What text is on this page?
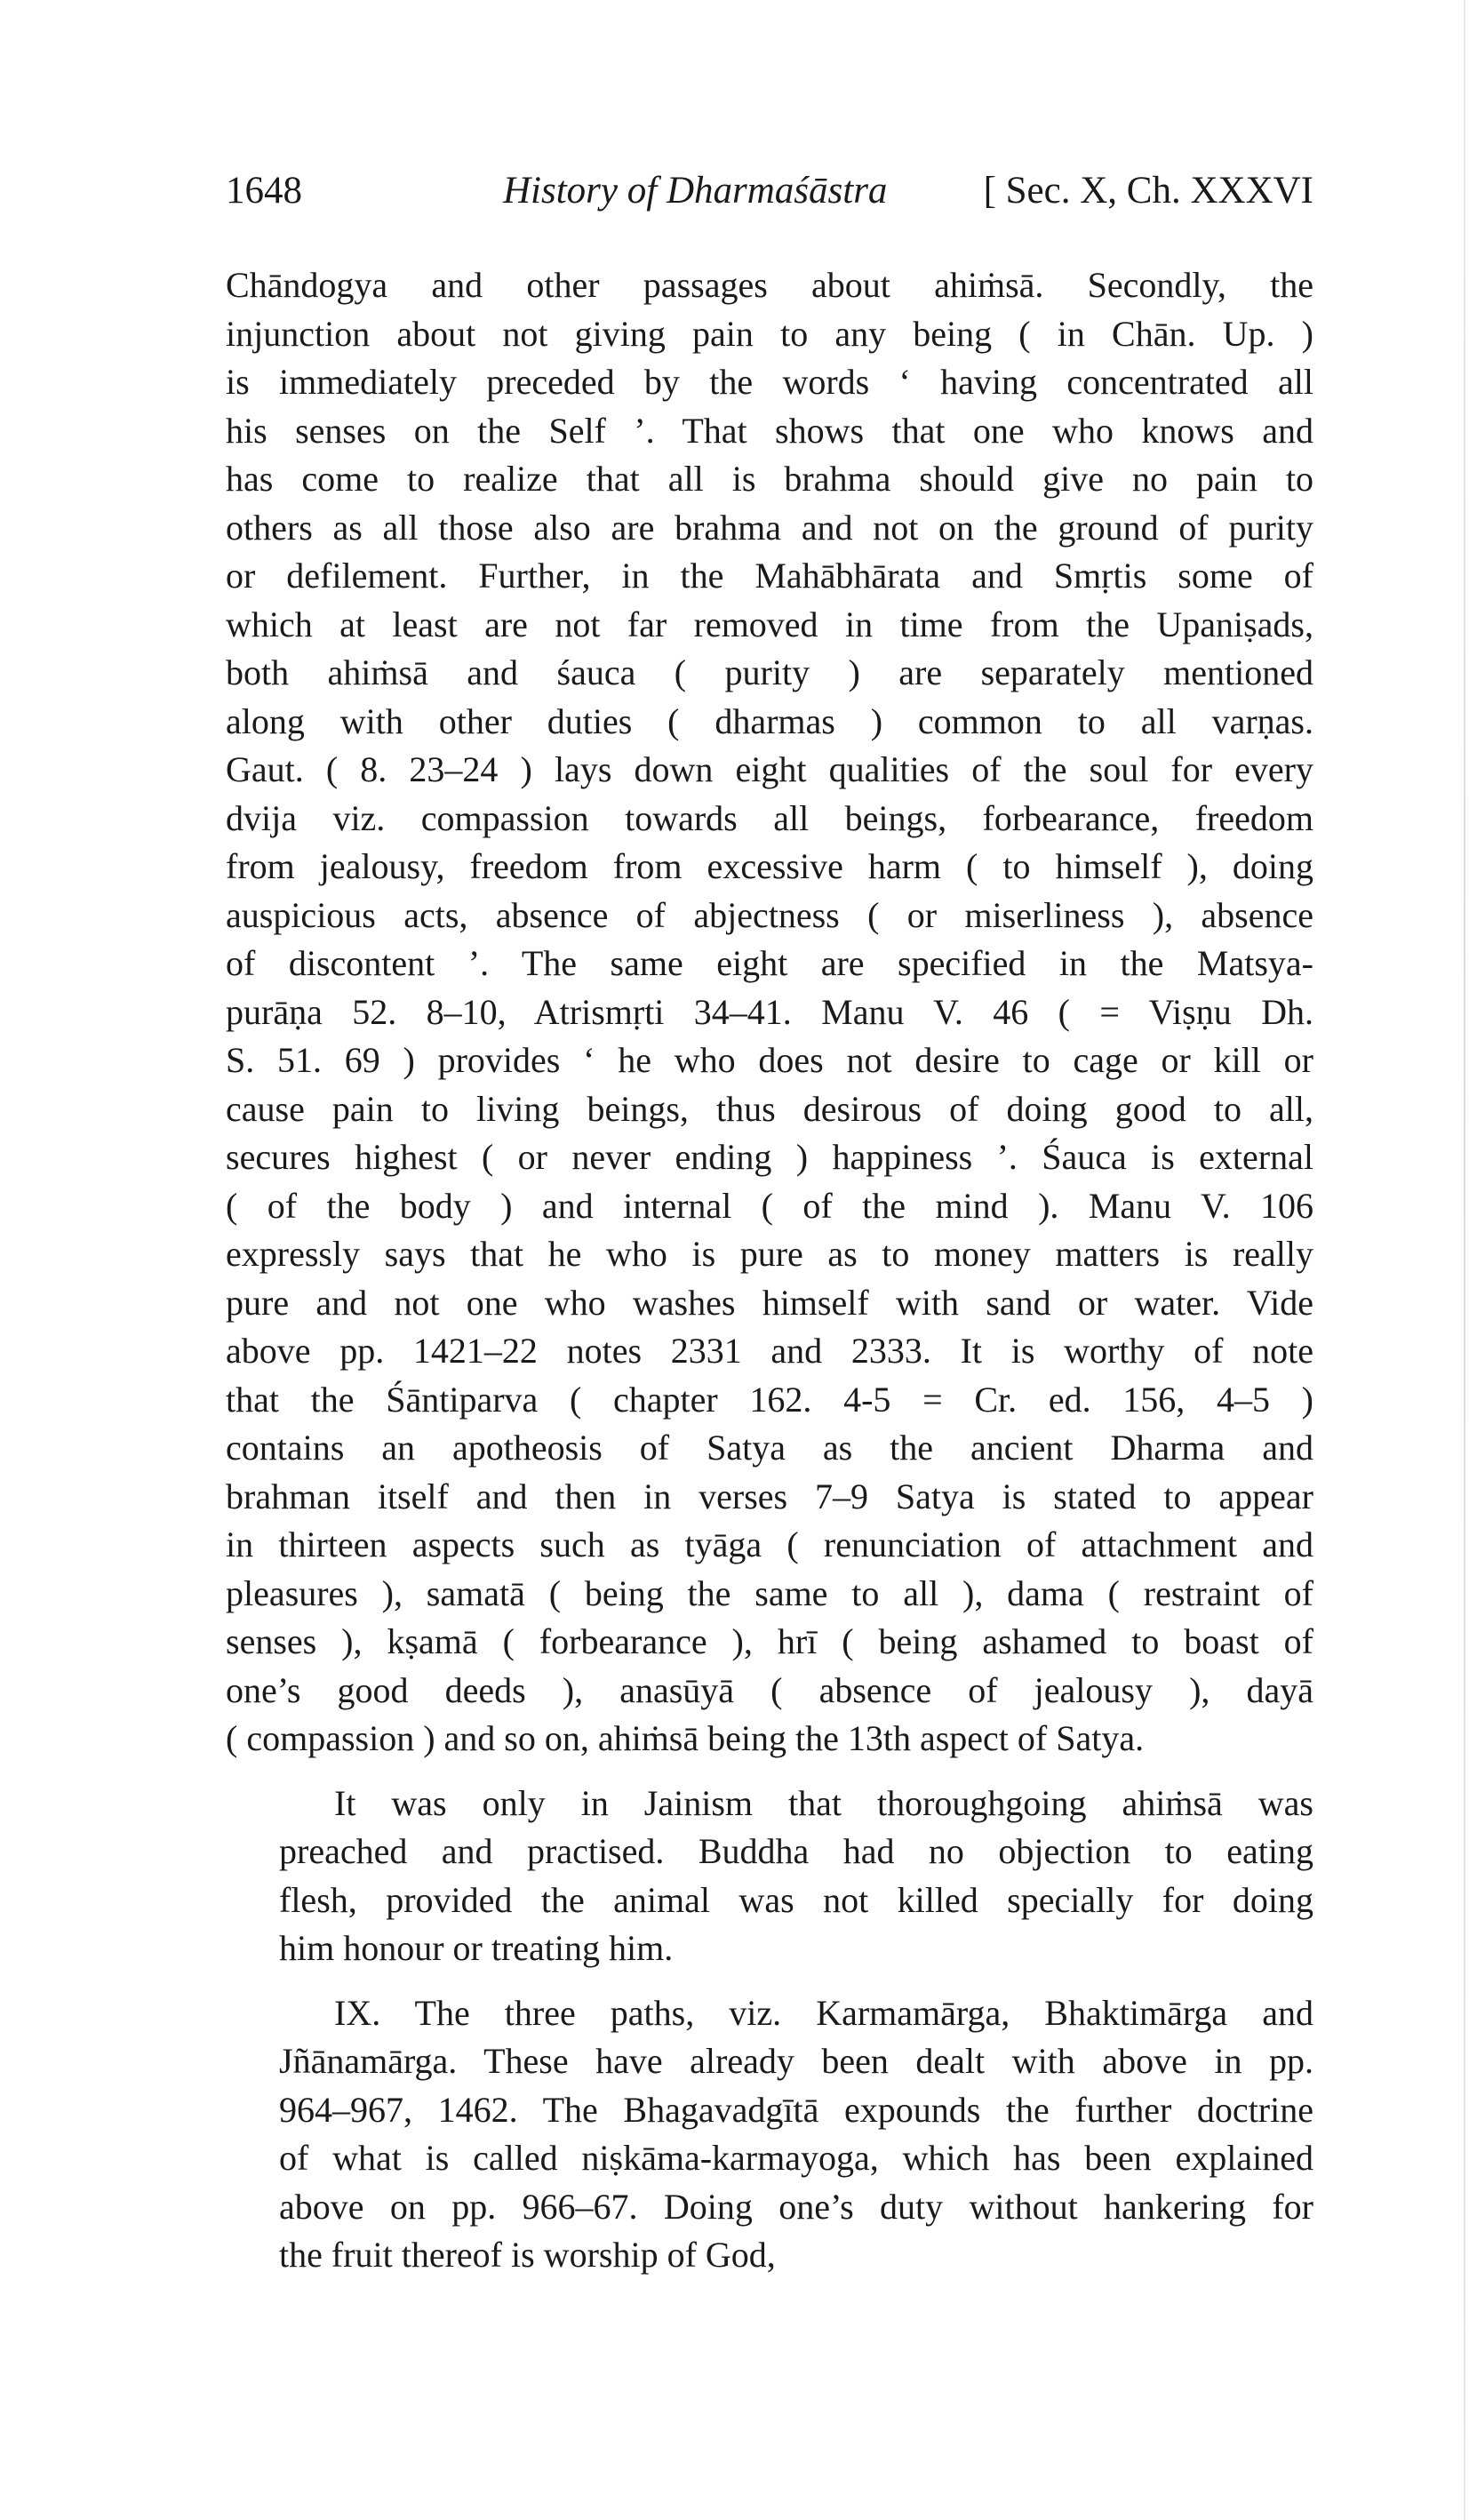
1648	History of Dharmaśāstra	[ Sec. X, Ch. XXXVI

Chāndogya and other passages about ahiṁsā. Secondly, the
injunction about not giving pain to any being ( in Chān. Up. )
is immediately preceded by the words ‘ having concentrated all
his senses on the Self ’. That shows that one who knows and
has come to realize that all is brahma should give no pain to
others as all those also are brahma and not on the ground of purity
or defilement. Further, in the Mahābhārata and Smṛtis some of
which at least are not far removed in time from the Upaniṣads,
both ahiṁsā and śauca ( purity ) are separately mentioned
along with other duties ( dharmas ) common to all varṇas.
Gaut. ( 8. 23–24 ) lays down eight qualities of the soul for every
dvija viz. compassion towards all beings, forbearance, freedom
from jealousy, freedom from excessive harm ( to himself ), doing
auspicious acts, absence of abjectness ( or miserliness ), absence
of discontent ’. The same eight are specified in the Matsya-
purāṇa 52. 8–10, Atrismṛti 34–41. Manu V. 46 ( = Viṣṇu Dh.
S. 51. 69 ) provides ‘ he who does not desire to cage or kill or
cause pain to living beings, thus desirous of doing good to all,
secures highest ( or never ending ) happiness ’. Śauca is external
( of the body ) and internal ( of the mind ). Manu V. 106
expressly says that he who is pure as to money matters is really
pure and not one who washes himself with sand or water. Vide
above pp. 1421–22 notes 2331 and 2333. It is worthy of note
that the Śāntiparva ( chapter 162. 4-5 = Cr. ed. 156, 4–5 )
contains an apotheosis of Satya as the ancient Dharma and
brahman itself and then in verses 7–9 Satya is stated to appear
in thirteen aspects such as tyāga ( renunciation of attachment and
pleasures ), samatā ( being the same to all ), dama ( restraint of
senses ), kṣamā ( forbearance ), hrī ( being ashamed to boast of
one’s good deeds ), anasūyā ( absence of jealousy ), dayā
( compassion ) and so on, ahiṁsā being the 13th aspect of Satya.

It was only in Jainism that thoroughgoing ahiṁsā was
preached and practised. Buddha had no objection to eating
flesh, provided the animal was not killed specially for doing
him honour or treating him.

IX. The three paths, viz. Karmamārga, Bhaktimārga and
Jñānamārga. These have already been dealt with above in pp.
964–967, 1462. The Bhagavadgītā expounds the further doctrine
of what is called niṣkāma-karmayoga, which has been explained
above on pp. 966–67. Doing one’s duty without hankering for
the fruit thereof is worship of God,
